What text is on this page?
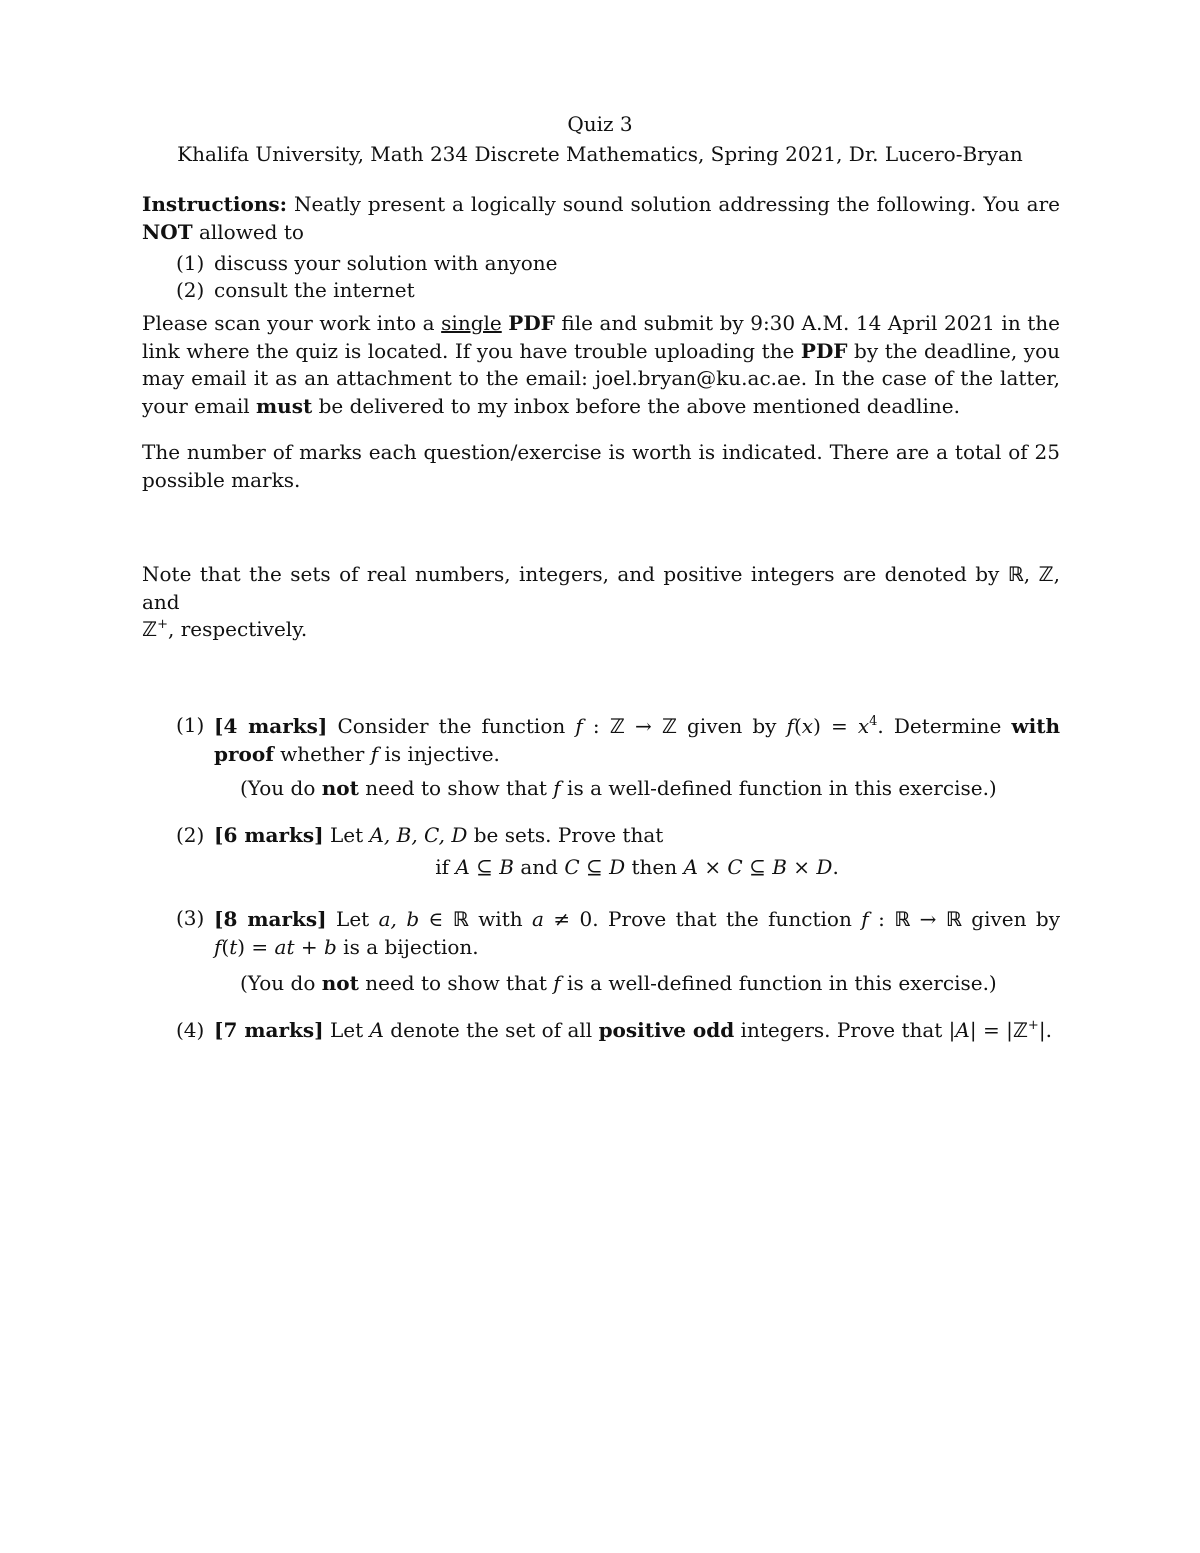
Quiz 3
Khalifa University, Math 234 Discrete Mathematics, Spring 2021, Dr. Lucero-Bryan
Instructions: Neatly present a logically sound solution addressing the following. You are
NOT allowed to
(1) discuss your solution with anyone
(2) consult the internet
Please scan your work into a single PDF file and submit by 9:30 A.M. 14 April 2021 in the
link where the quiz is located. If you have trouble uploading the PDF by the deadline, you
may email it as an attachment to the email: joel.bryan@ku.ac.ae. In the case of the latter,
your email must be delivered to my inbox before the above mentioned deadline.
The number of marks each question/exercise is worth is indicated. There are a total of 25
possible marks.
Note that the sets of real numbers, integers, and positive integers are denoted by ℝ, ℤ, and
ℤ+, respectively.
(1) [4 marks] Consider the function f : ℤ → ℤ given by $f(x) = x^4$. Determine with
proof whether f is injective.
(You do not need to show that f is a well-defined function in this exercise.)
(2) [6 marks] Let A, B, C, D be sets. Prove that
if A ⊆ B and C ⊆ D then A × C ⊆ B × D.
(3) [8 marks] Let a, b ∈ ℝ with a ≠ 0. Prove that the function f : ℝ → ℝ given by
f(t) = at + b is a bijection.
(You do not need to show that f is a well-defined function in this exercise.)
(4) [7 marks] Let A denote the set of all positive odd integers. Prove that |A| = |ℤ+|.
